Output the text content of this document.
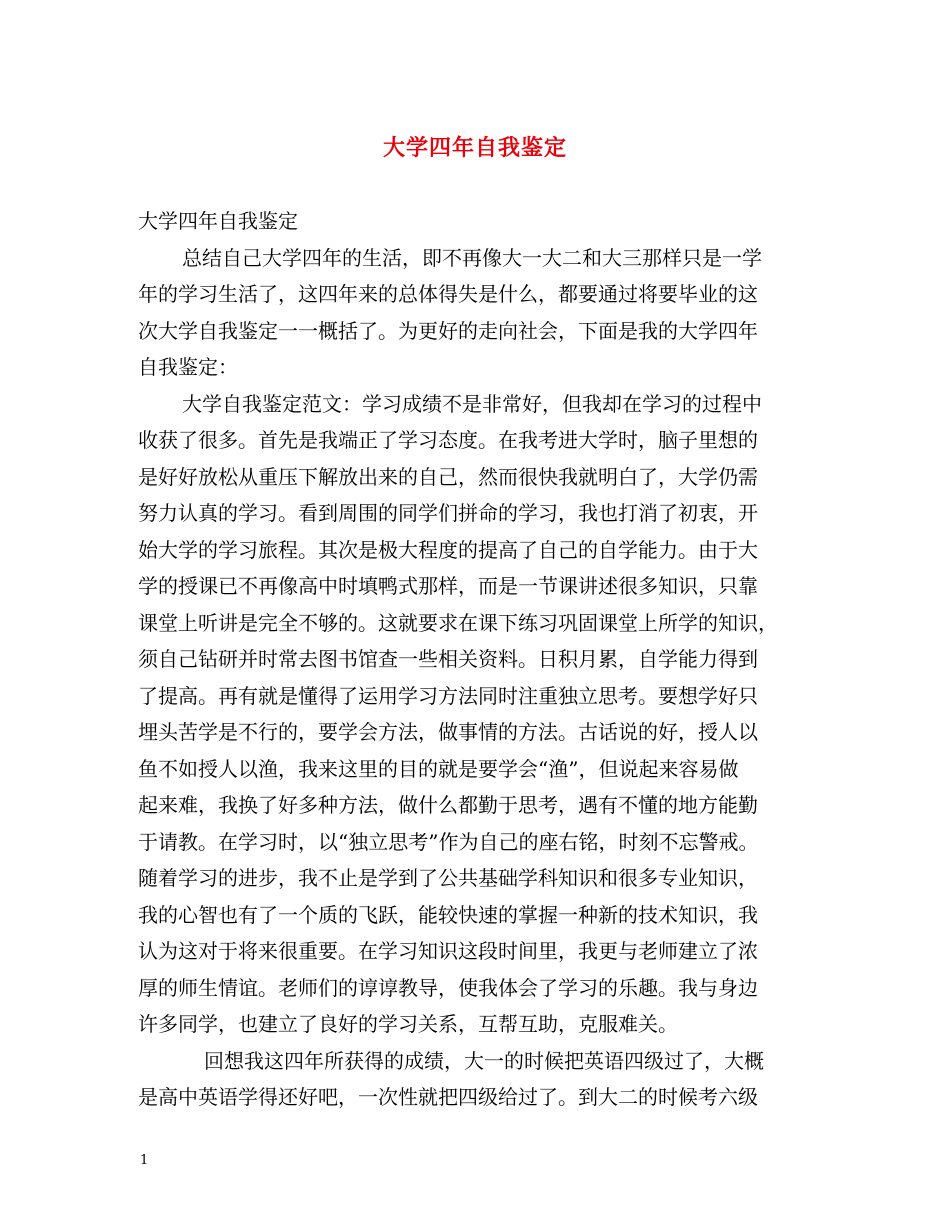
大学四年自我鉴定
大学四年自我鉴定
总结自己大学四年的生活，即不再像大一大二和大三那样只是一学
年的学习生活了，这四年来的总体得失是什么，都要通过将要毕业的这
次大学自我鉴定一一概括了。为更好的走向社会，下面是我的大学四年
自我鉴定：
大学自我鉴定范文：学习成绩不是非常好，但我却在学习的过程中
收获了很多。首先是我端正了学习态度。在我考进大学时，脑子里想的
是好好放松从重压下解放出来的自己，然而很快我就明白了，大学仍需
努力认真的学习。看到周围的同学们拼命的学习，我也打消了初衷，开
始大学的学习旅程。其次是极大程度的提高了自己的自学能力。由于大
学的授课已不再像高中时填鸭式那样，而是一节课讲述很多知识，只靠
课堂上听讲是完全不够的。这就要求在课下练习巩固课堂上所学的知识，
须自己钻研并时常去图书馆查一些相关资料。日积月累，自学能力得到
了提高。再有就是懂得了运用学习方法同时注重独立思考。要想学好只
埋头苦学是不行的，要学会方法，做事情的方法。古话说的好，授人以
鱼不如授人以渔，我来这里的目的就是要学会“渔”，但说起来容易做
起来难，我换了好多种方法，做什么都勤于思考，遇有不懂的地方能勤
于请教。在学习时，以“独立思考”作为自己的座右铭，时刻不忘警戒。
随着学习的进步，我不止是学到了公共基础学科知识和很多专业知识，
我的心智也有了一个质的飞跃，能较快速的掌握一种新的技术知识，我
认为这对于将来很重要。在学习知识这段时间里，我更与老师建立了浓
厚的师生情谊。老师们的谆谆教导，使我体会了学习的乐趣。我与身边
许多同学，也建立了良好的学习关系，互帮互助，克服难关。
回想我这四年所获得的成绩，大一的时候把英语四级过了，大概
是高中英语学得还好吧，一次性就把四级给过了。到大二的时候考六级
1
